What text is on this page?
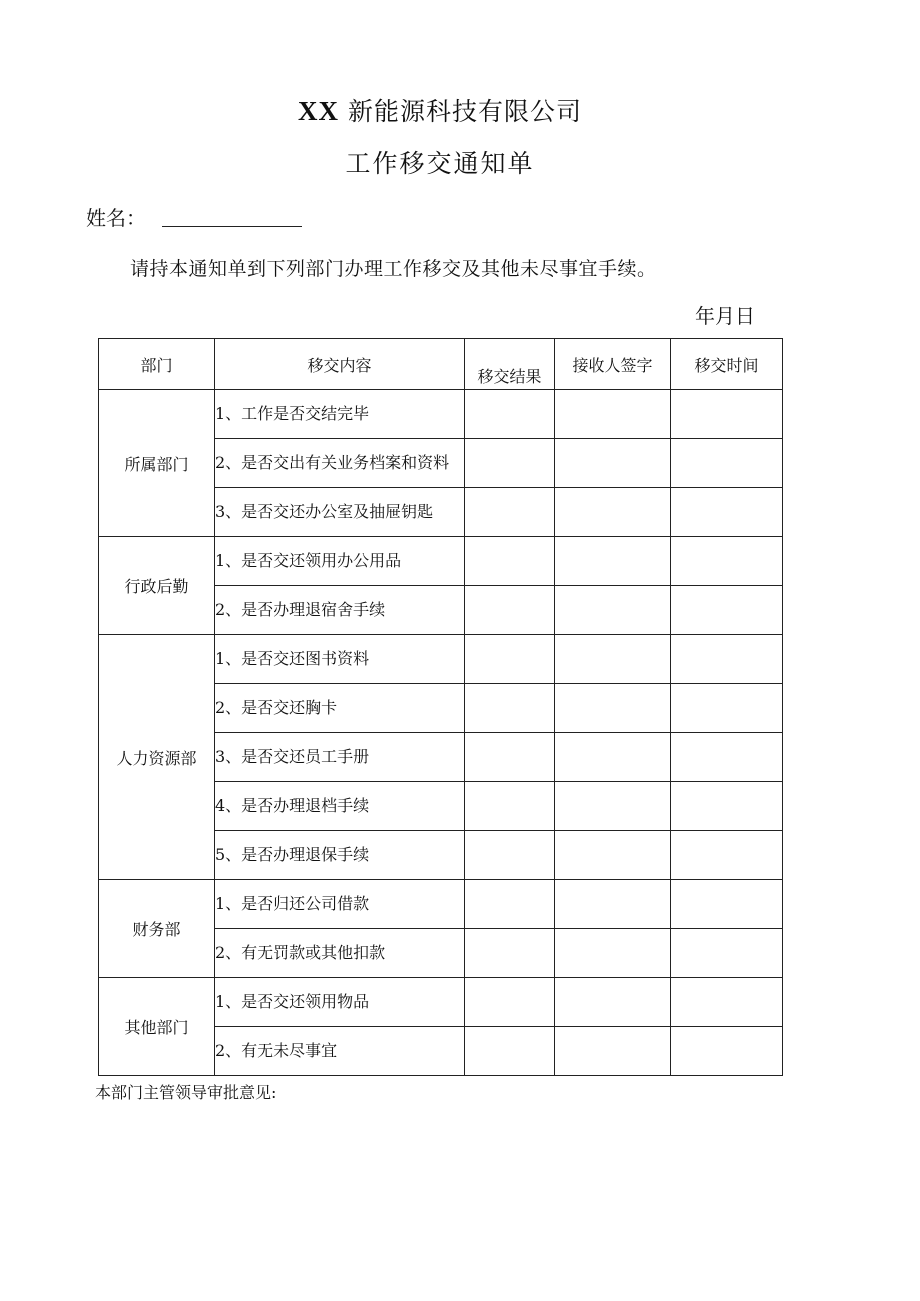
XX 新能源科技有限公司
工作移交通知单
姓名：
请持本通知单到下列部门办理工作移交及其他未尽事宜手续。
年月日
部门	移交内容	移交结果	接收人签字	移交时间
所属部门	1、工作是否交结完毕			
	2、是否交出有关业务档案和资料			
	3、是否交还办公室及抽屉钥匙			
行政后勤	1、是否交还领用办公用品			
	2、是否办理退宿舍手续			
人力资源部	1、是否交还图书资料			
	2、是否交还胸卡			
	3、是否交还员工手册			
	4、是否办理退档手续			
	5、是否办理退保手续			
财务部	1、是否归还公司借款			
	2、有无罚款或其他扣款			
其他部门	1、是否交还领用物品			
	2、有无未尽事宜			
本部门主管领导审批意见:
